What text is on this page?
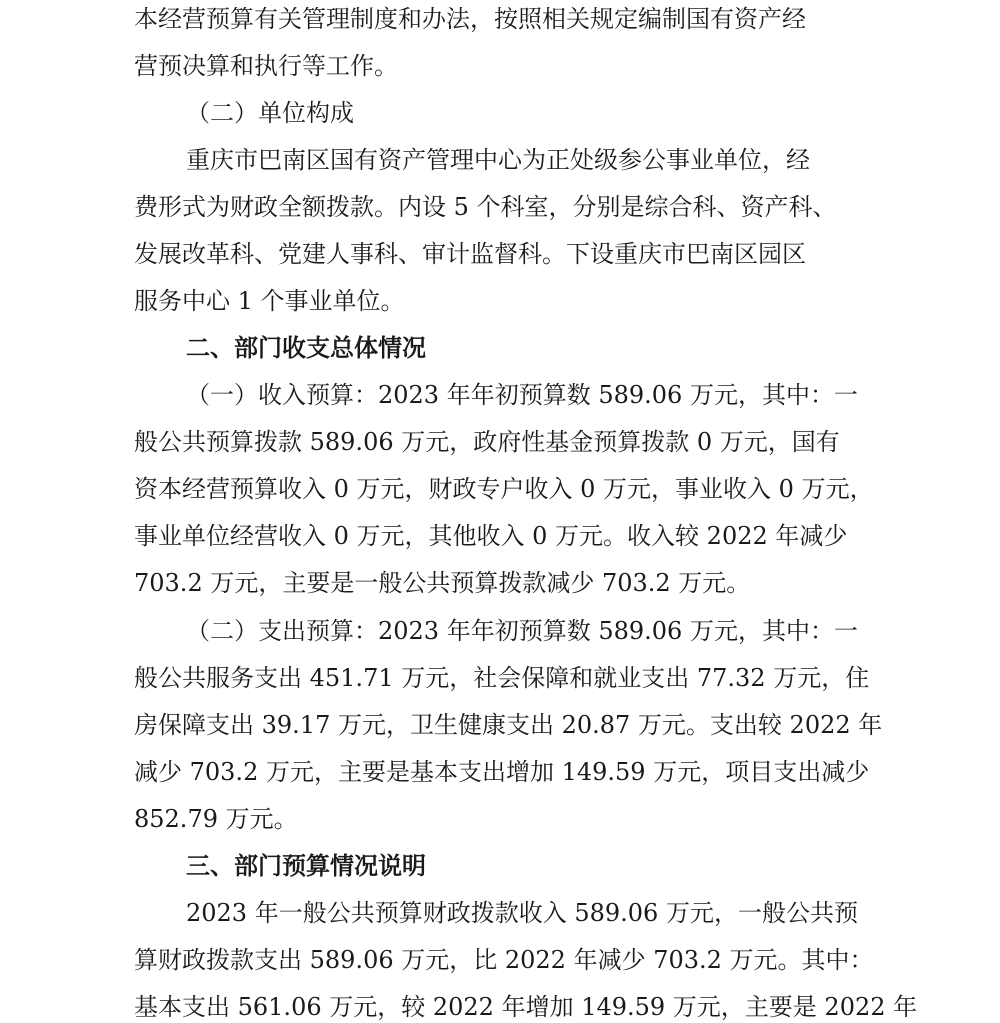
本经营预算有关管理制度和办法，按照相关规定编制国有资产经
营预决算和执行等工作。
（二）单位构成
重庆市巴南区国有资产管理中心为正处级参公事业单位，经
费形式为财政全额拨款。内设 5 个科室，分别是综合科、资产科、
发展改革科、党建人事科、审计监督科。下设重庆市巴南区园区
服务中心 1 个事业单位。
二、部门收支总体情况
（一）收入预算：2023 年年初预算数 589.06 万元，其中：一
般公共预算拨款 589.06 万元，政府性基金预算拨款 0 万元，国有
资本经营预算收入 0 万元，财政专户收入 0 万元，事业收入 0 万元，
事业单位经营收入 0 万元，其他收入 0 万元。收入较 2022 年减少
703.2 万元，主要是一般公共预算拨款减少 703.2 万元。
（二）支出预算：2023 年年初预算数 589.06 万元，其中：一
般公共服务支出 451.71 万元，社会保障和就业支出 77.32 万元，住
房保障支出 39.17 万元，卫生健康支出 20.87 万元。支出较 2022 年
减少 703.2 万元，主要是基本支出增加 149.59 万元，项目支出减少
852.79 万元。
三、部门预算情况说明
2023 年一般公共预算财政拨款收入 589.06 万元，一般公共预
算财政拨款支出 589.06 万元，比 2022 年减少 703.2 万元。其中：
基本支出 561.06 万元，较 2022 年增加 149.59 万元，主要是 2022 年
